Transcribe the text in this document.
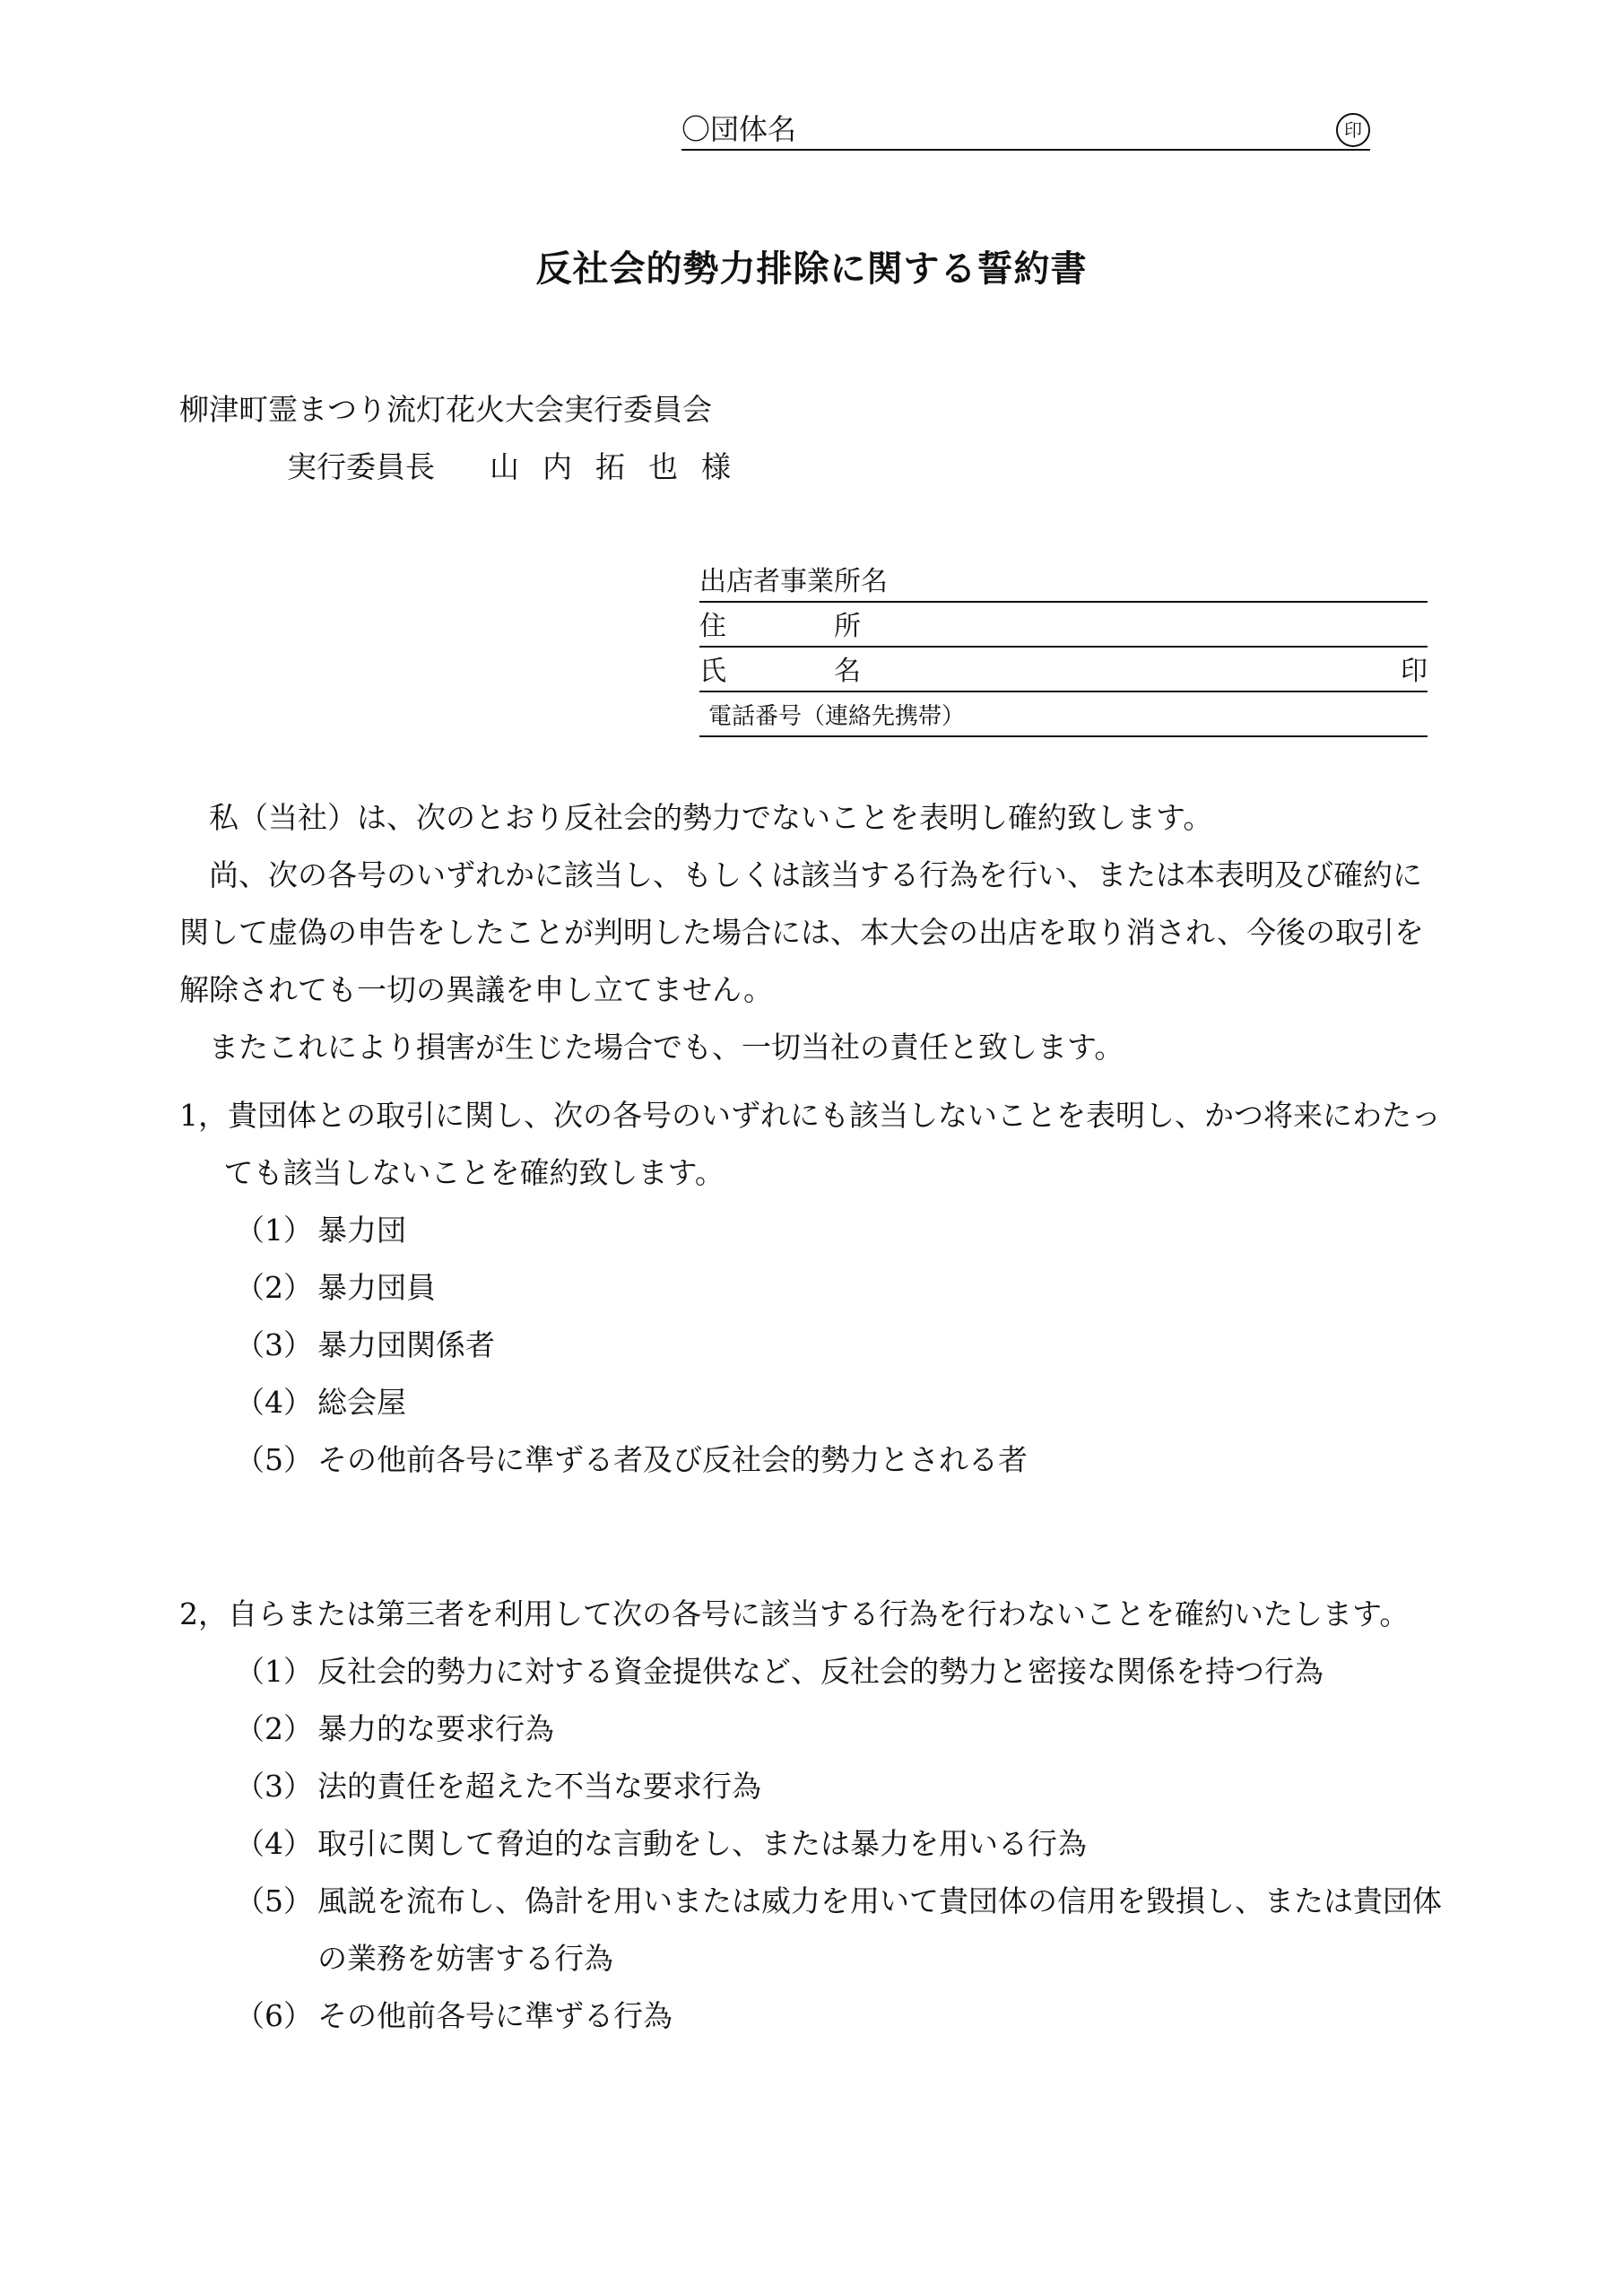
〇団体名	印
反社会的勢力排除に関する誓約書
柳津町霊まつり流灯花火大会実行委員会
実行委員長	山内拓也様
出店者事業所名
住所
氏名	印
電話番号（連絡先携帯）

私（当社）は、次のとおり反社会的勢力でないことを表明し確約致します。

尚、次の各号のいずれかに該当し、もしくは該当する行為を行い、または本表明及び確約に関して虚偽の申告をしたことが判明した場合には、本大会の出店を取り消され、今後の取引を解除されても一切の異議を申し立てません。

またこれにより損害が生じた場合でも、一切当社の責任と致します。

1，貴団体との取引に関し、次の各号のいずれにも該当しないことを表明し、かつ将来にわたっても該当しないことを確約致します。

（1） 暴力団
（2） 暴力団員
（3） 暴力団関係者
（4） 総会屋
（5） その他前各号に準ずる者及び反社会的勢力とされる者

2，自らまたは第三者を利用して次の各号に該当する行為を行わないことを確約いたします。

（1） 反社会的勢力に対する資金提供など、反社会的勢力と密接な関係を持つ行為
（2） 暴力的な要求行為
（3） 法的責任を超えた不当な要求行為
（4） 取引に関して脅迫的な言動をし、または暴力を用いる行為
（5） 風説を流布し、偽計を用いまたは威力を用いて貴団体の信用を毀損し、または貴団体の業務を妨害する行為
（6） その他前各号に準ずる行為
